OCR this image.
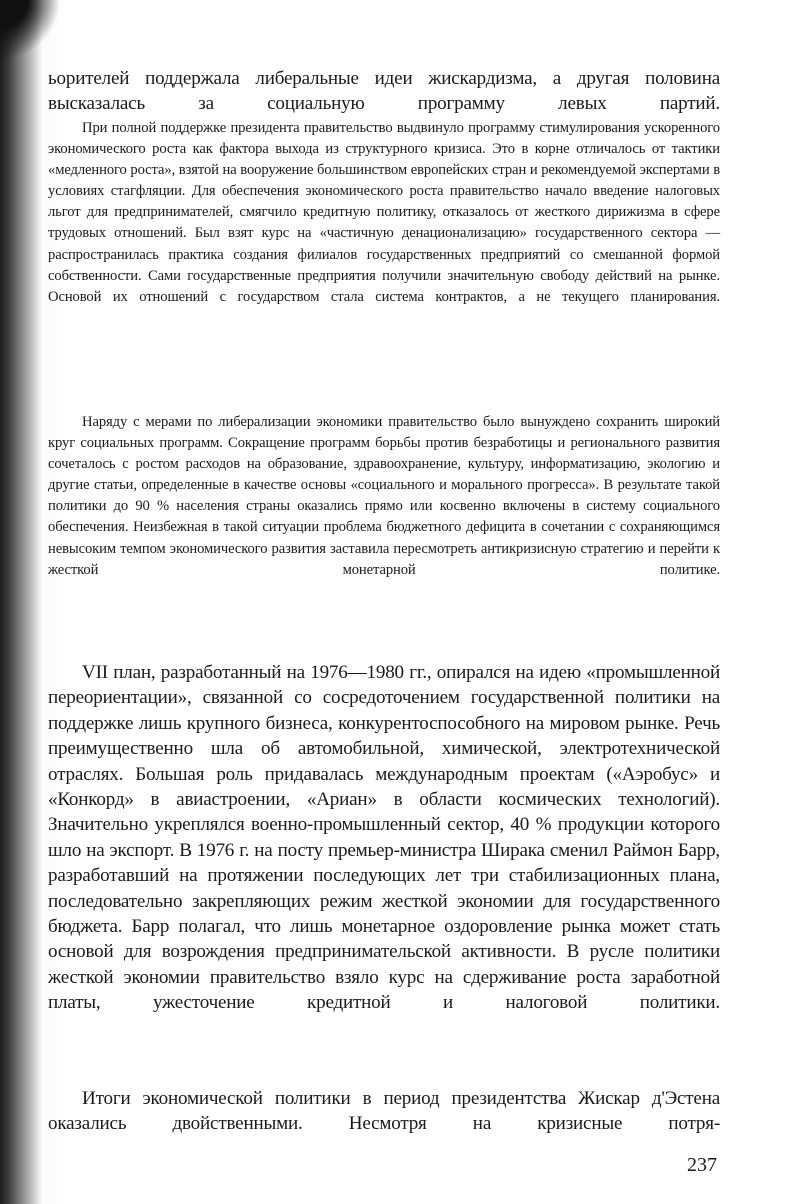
ьорителей поддержала либеральные идеи жискардизма, а другая половина высказалась за социальную программу левых партий.

При полной поддержке президента правительство выдвинуло программу стимулирования ускоренного экономического роста как фактора выхода из структурного кризиса. Это в корне отличалось от тактики «медленного роста», взятой на вооружение большинством европейских стран и рекомендуемой экспертами в условиях стагфляции. Для обеспечения экономического роста правительство начало введение налоговых льгот для предпринимателей, смягчило кредитную политику, отказалось от жесткого дирижизма в сфере трудовых отношений. Был взят курс на «частичную денационализацию» государственного сектора — распространилась практика создания филиалов государственных предприятий со смешанной формой собственности. Сами государственные предприятия получили значительную свободу действий на рынке. Основой их отношений с государством стала система контрактов, а не текущего планирования.

Наряду с мерами по либерализации экономики правительство было вынуждено сохранить широкий круг социальных программ. Сокращение программ борьбы против безработицы и регионального развития сочеталось с ростом расходов на образование, здравоохранение, культуру, информатизацию, экологию и другие статьи, определенные в качестве основы «социального и морального прогресса». В результате такой политики до 90 % населения страны оказались прямо или косвенно включены в систему социального обеспечения. Неизбежная в такой ситуации проблема бюджетного дефицита в сочетании с сохраняющимся невысоким темпом экономического развития заставила пересмотреть антикризисную стратегию и перейти к жесткой монетарной политике.

VII план, разработанный на 1976—1980 гг., опирался на идею «промышленной переориентации», связанной со сосредоточением государственной политики на поддержке лишь крупного бизнеса, конкурентоспособного на мировом рынке. Речь преимущественно шла об автомобильной, химической, электротехнической отраслях. Большая роль придавалась международным проектам («Аэробус» и «Конкорд» в авиастроении, «Ариан» в области космических технологий). Значительно укреплялся военно-промышленный сектор, 40 % продукции которого шло на экспорт. В 1976 г. на посту премьер-министра Ширака сменил Раймон Барр, разработавший на протяжении последующих лет три стабилизационных плана, последовательно закрепляющих режим жесткой экономии для государственного бюджета. Барр полагал, что лишь монетарное оздоровление рынка может стать основой для возрождения предпринимательской активности. В русле политики жесткой экономии правительство взяло курс на сдерживание роста заработной платы, ужесточение кредитной и налоговой политики.

Итоги экономической политики в период президентства Жискар д'Эстена оказались двойственными. Несмотря на кризисные потря-

237
